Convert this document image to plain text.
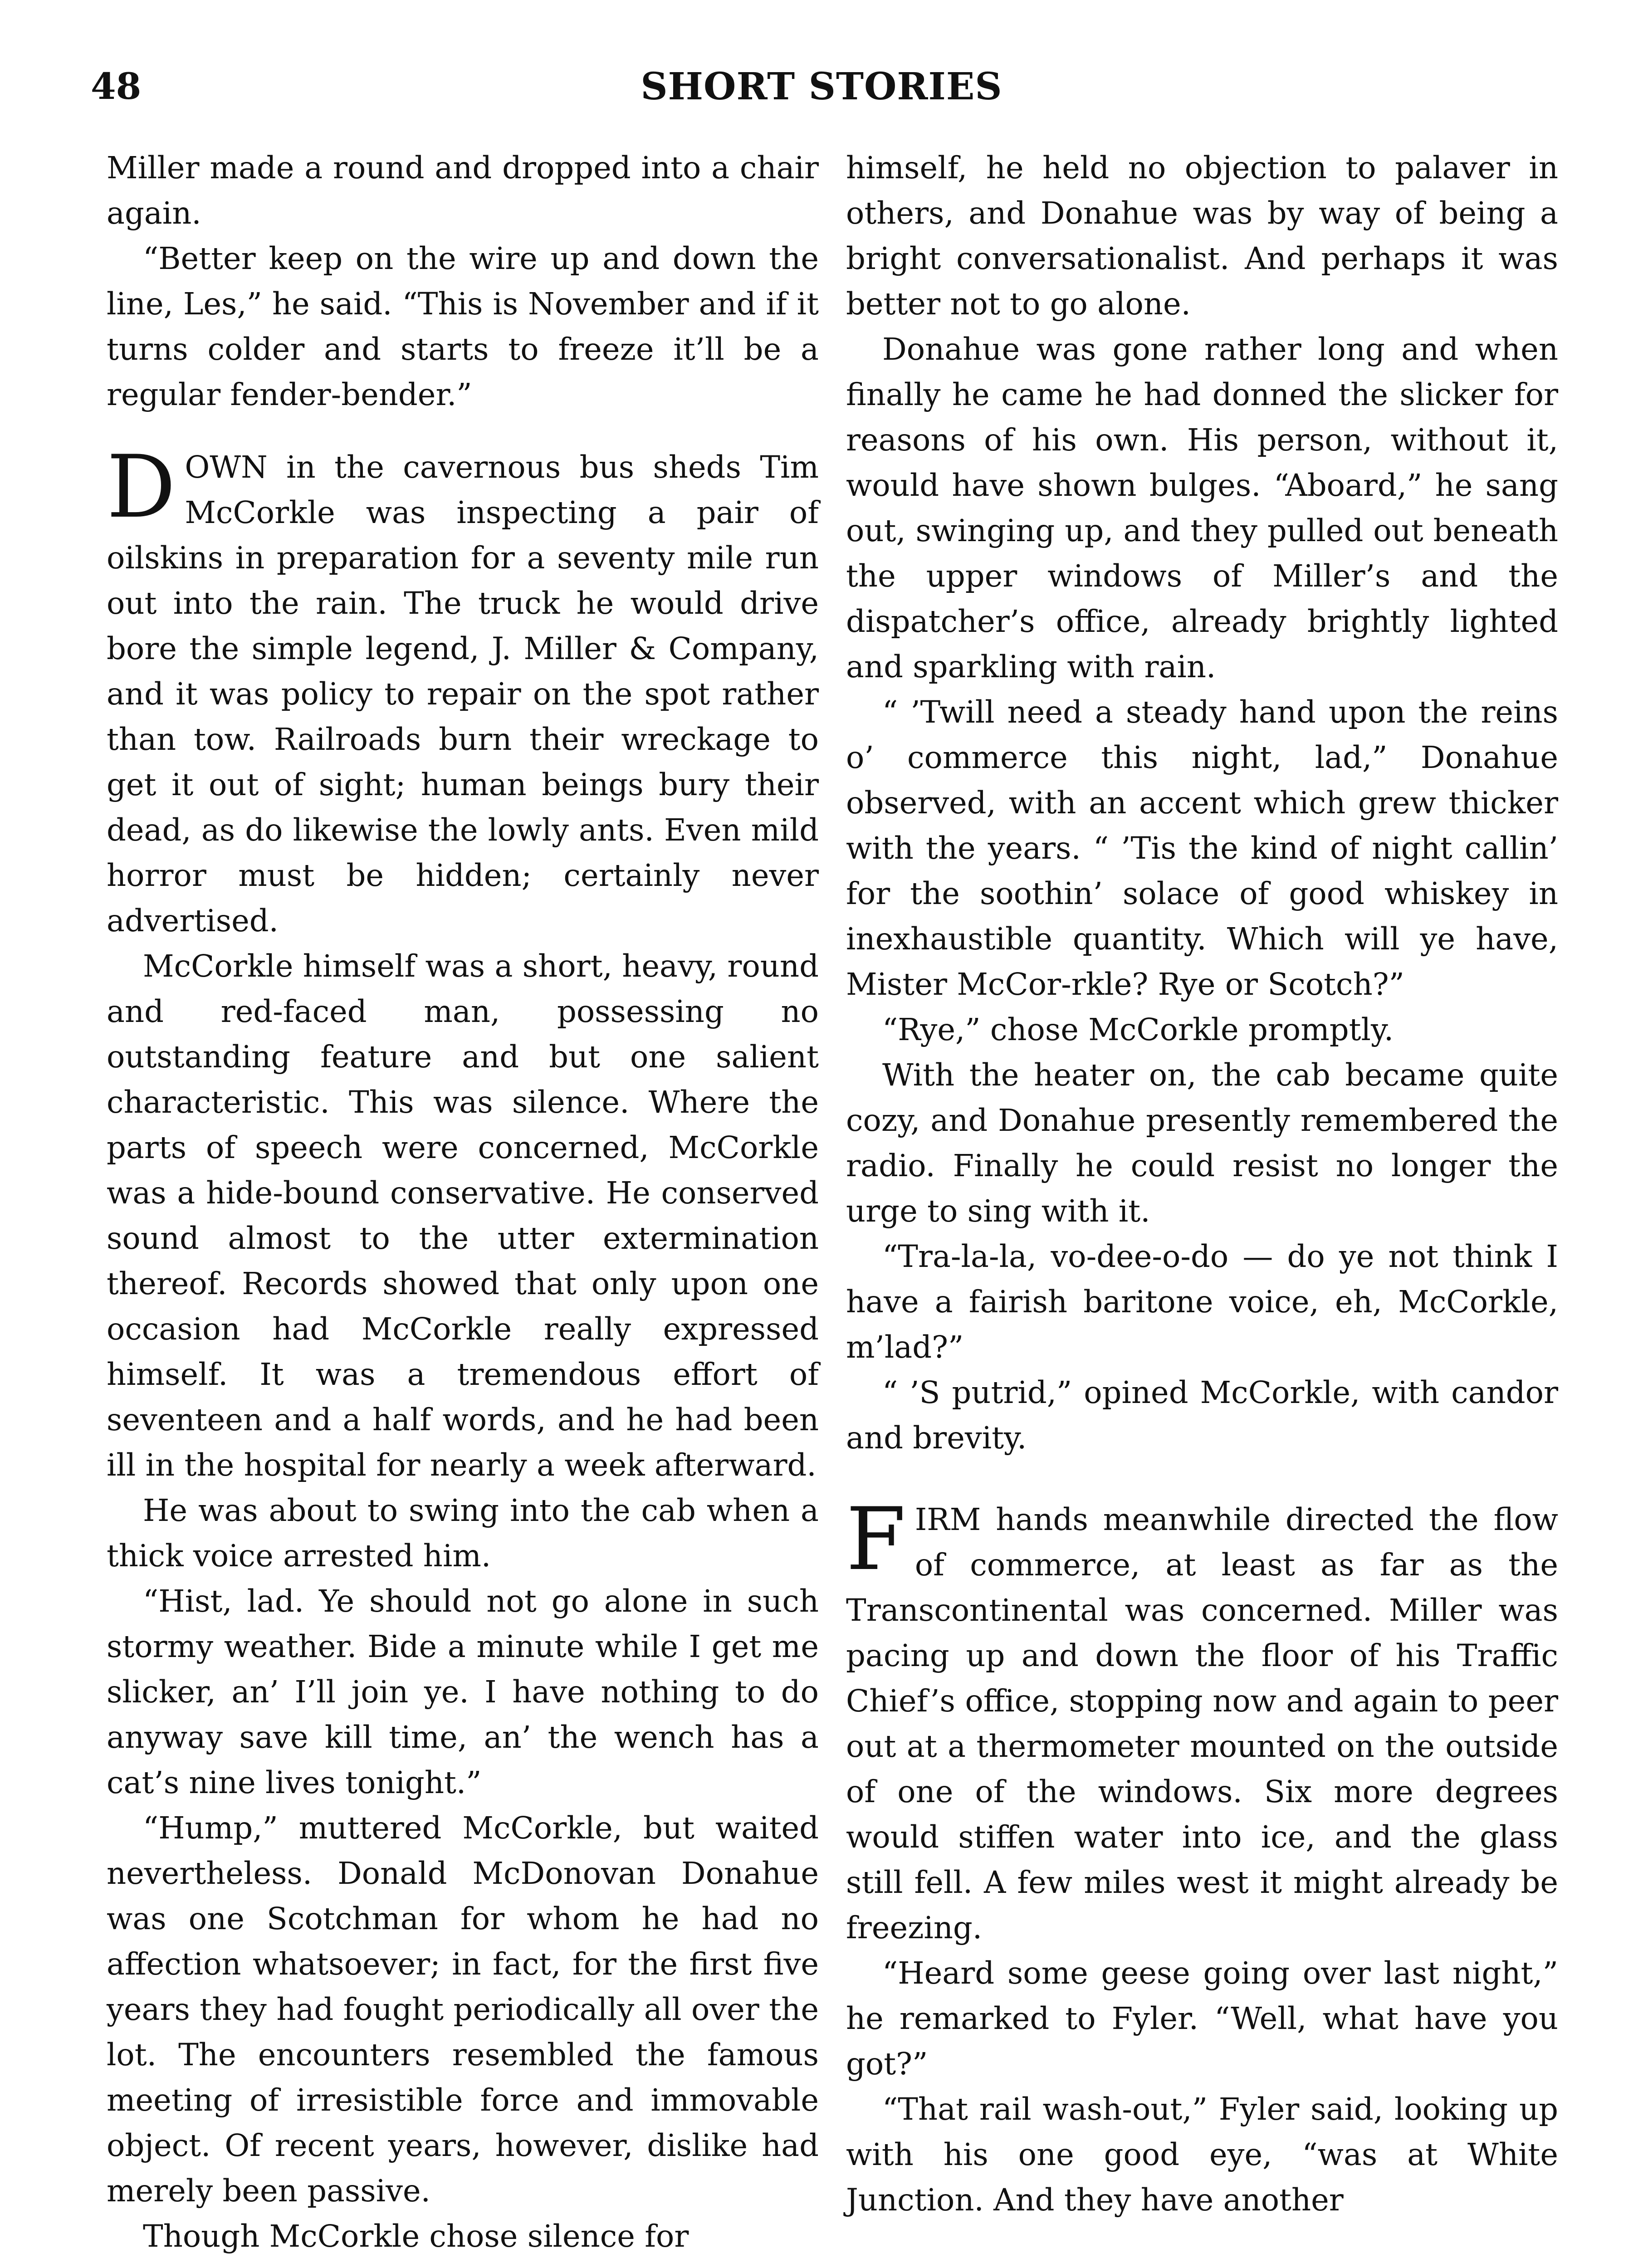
48	SHORT STORIES

Miller made a round and dropped into a chair again.

“Better keep on the wire up and down the line, Les,” he said. “This is November and if it turns colder and starts to freeze it’ll be a regular fender-bender.”

DOWN in the cavernous bus sheds Tim McCorkle was inspecting a pair of oilskins in preparation for a seventy mile run out into the rain. The truck he would drive bore the simple legend, J. Miller & Company, and it was policy to repair on the spot rather than tow. Railroads burn their wreckage to get it out of sight; human beings bury their dead, as do likewise the lowly ants. Even mild horror must be hidden; certainly never advertised.

McCorkle himself was a short, heavy, round and red-faced man, possessing no outstanding feature and but one salient characteristic. This was silence. Where the parts of speech were concerned, McCorkle was a hide-bound conservative. He conserved sound almost to the utter extermination thereof. Records showed that only upon one occasion had McCorkle really expressed himself. It was a tremendous effort of seventeen and a half words, and he had been ill in the hospital for nearly a week afterward.

He was about to swing into the cab when a thick voice arrested him.

“Hist, lad. Ye should not go alone in such stormy weather. Bide a minute while I get me slicker, an’ I’ll join ye. I have nothing to do anyway save kill time, an’ the wench has a cat’s nine lives tonight.”

“Hump,” muttered McCorkle, but waited nevertheless. Donald McDonovan Donahue was one Scotchman for whom he had no affection whatsoever; in fact, for the first five years they had fought periodically all over the lot. The encounters resembled the famous meeting of irresistible force and immovable object. Of recent years, however, dislike had merely been passive.

Though McCorkle chose silence for

himself, he held no objection to palaver in others, and Donahue was by way of being a bright conversationalist. And perhaps it was better not to go alone.

Donahue was gone rather long and when finally he came he had donned the slicker for reasons of his own. His person, without it, would have shown bulges. “Aboard,” he sang out, swinging up, and they pulled out beneath the upper windows of Miller’s and the dispatcher’s office, already brightly lighted and sparkling with rain.

“ ’Twill need a steady hand upon the reins o’ commerce this night, lad,” Donahue observed, with an accent which grew thicker with the years. “ ’Tis the kind of night callin’ for the soothin’ solace of good whiskey in inexhaustible quantity. Which will ye have, Mister McCor-rkle? Rye or Scotch?”

“Rye,” chose McCorkle promptly.

With the heater on, the cab became quite cozy, and Donahue presently remembered the radio. Finally he could resist no longer the urge to sing with it.

“Tra-la-la, vo-dee-o-do — do ye not think I have a fairish baritone voice, eh, McCorkle, m’lad?”

“ ’S putrid,” opined McCorkle, with candor and brevity.

FIRM hands meanwhile directed the flow of commerce, at least as far as the Transcontinental was concerned. Miller was pacing up and down the floor of his Traffic Chief’s office, stopping now and again to peer out at a thermometer mounted on the outside of one of the windows. Six more degrees would stiffen water into ice, and the glass still fell. A few miles west it might already be freezing.

“Heard some geese going over last night,” he remarked to Fyler. “Well, what have you got?”

“That rail wash-out,” Fyler said, looking up with his one good eye, “was at White Junction. And they have another
